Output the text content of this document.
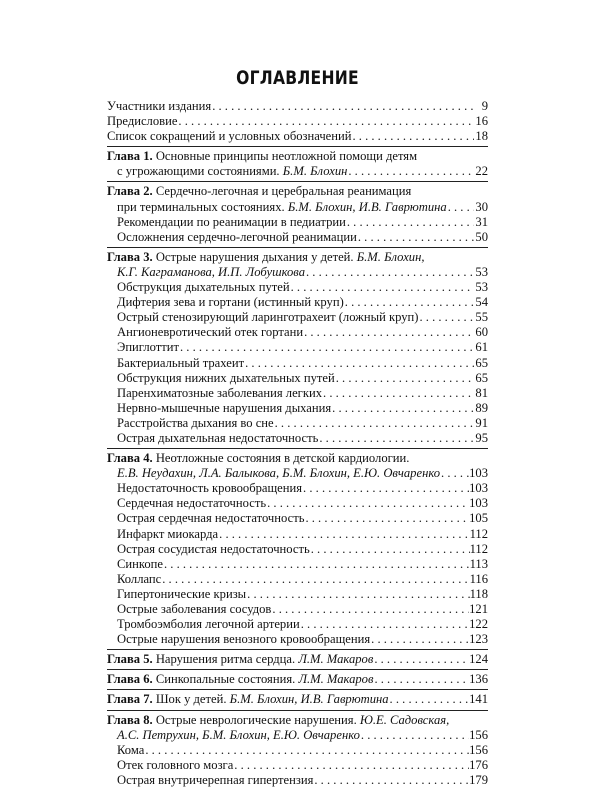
ОГЛАВЛЕНИЕ
Участники издания . . .	9
Предисловие . . .	16
Список сокращений и условных обозначений . . .	18
Глава 1. Основные принципы неотложной помощи детям
с угрожающими состояниями. Б.М. Блохин . . .	22
Глава 2. Сердечно-легочная и церебральная реанимация
при терминальных состояниях. Б.М. Блохин, И.В. Гаврютина . . . 30
Рекомендации по реанимации в педиатрии . . .	31
Осложнения сердечно-легочной реанимации . . .	50
Глава 3. Острые нарушения дыхания у детей. Б.М. Блохин,
К.Г. Каграманова, И.П. Лобушкова . . .	53
Обструкция дыхательных путей . . .	53
Дифтерия зева и гортани (истинный круп) . . .	54
Острый стенозирующий ларинготрахеит (ложный круп) . . .	55
Ангионевротический отек гортани . . .	60
Эпиглоттит . . .	61
Бактериальный трахеит . . .	65
Обструкция нижних дыхательных путей . . .	65
Паренхиматозные заболевания легких . . .	81
Нервно-мышечные нарушения дыхания . . .	89
Расстройства дыхания во сне . . .	91
Острая дыхательная недостаточность . . .	95
Глава 4. Неотложные состояния в детской кардиологии.
Е.В. Неудахин, Л.А. Балыкова, Б.М. Блохин, Е.Ю. Овчаренко . . . 103
Недостаточность кровообращения . . .	103
Сердечная недостаточность . . .	103
Острая сердечная недостаточность . . .	105
Инфаркт миокарда . . .	112
Острая сосудистая недостаточность . . .	112
Синкопе . . .	113
Коллапс . . .	116
Гипертонические кризы . . .	118
Острые заболевания сосудов . . .	121
Тромбоэмболия легочной артерии . . .	122
Острые нарушения венозного кровообращения . . .	123
Глава 5. Нарушения ритма сердца. Л.М. Макаров . . .	124
Глава 6. Синкопальные состояния. Л.М. Макаров . . .	136
Глава 7. Шок у детей. Б.М. Блохин, И.В. Гаврютина . . .	141
Глава 8. Острые неврологические нарушения. Ю.Е. Садовская,
А.С. Петрухин, Б.М. Блохин, Е.Ю. Овчаренко . . .	156
Кома . . .	156
Отек головного мозга . . .	176
Острая внутричерепная гипертензия . . .	179
